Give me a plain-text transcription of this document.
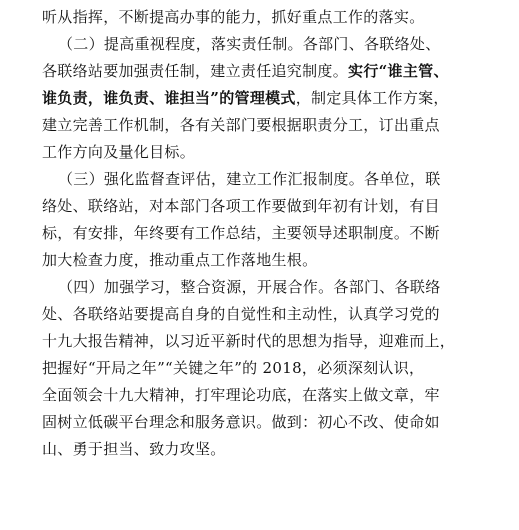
听从指挥，不断提高办事的能力，抓好重点工作的落实。
（二）提高重视程度，落实责任制。各部门、各联络处、
各联络站要加强责任制，建立责任追究制度。实行“谁主管、
谁负责，谁负责、谁担当”的管理模式，制定具体工作方案，
建立完善工作机制，各有关部门要根据职责分工，订出重点
工作方向及量化目标。
（三）强化监督查评估，建立工作汇报制度。各单位，联
络处、联络站，对本部门各项工作要做到年初有计划，有目
标，有安排，年终要有工作总结，主要领导述职制度。不断
加大检查力度，推动重点工作落地生根。
（四）加强学习，整合资源，开展合作。各部门、各联络
处、各联络站要提高自身的自觉性和主动性，认真学习党的
十九大报告精神，以习近平新时代的思想为指导，迎难而上，
把握好“开局之年”“关键之年”的 2018，必须深刻认识，
全面领会十九大精神，打牢理论功底，在落实上做文章，牢
固树立低碳平台理念和服务意识。做到：初心不改、使命如
山、勇于担当、致力攻坚。
